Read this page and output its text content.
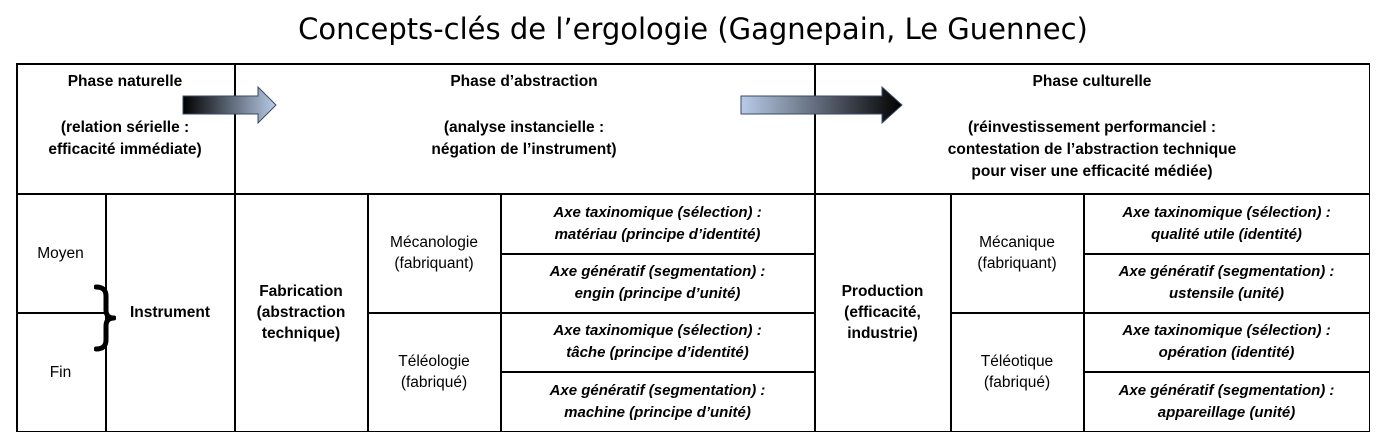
Concepts-clés de l’ergologie (Gagnepain, Le Guennec)
Phase naturelle
(relation sérielle :
efficacité immédiate)
Phase d’abstraction
(analyse instancielle :
négation de l’instrument)
Phase culturelle
(réinvestissement performanciel :
contestation de l’abstraction technique
pour viser une efficacité médiée)
Moyen
Fin
Instrument
Fabrication
(abstraction
technique)
Mécanologie
(fabriquant)
Téléologie
(fabriqué)
Axe taxinomique (sélection) :
matériau (principe d’identité)
Axe génératif (segmentation) :
engin (principe d’unité)
Axe taxinomique (sélection) :
tâche (principe d’identité)
Axe génératif (segmentation) :
machine (principe d’unité)
Production
(efficacité,
industrie)
Mécanique
(fabriquant)
Téléotique
(fabriqué)
Axe taxinomique (sélection) :
qualité utile (identité)
Axe génératif (segmentation) :
ustensile (unité)
Axe taxinomique (sélection) :
opération (identité)
Axe génératif (segmentation) :
appareillage (unité)
